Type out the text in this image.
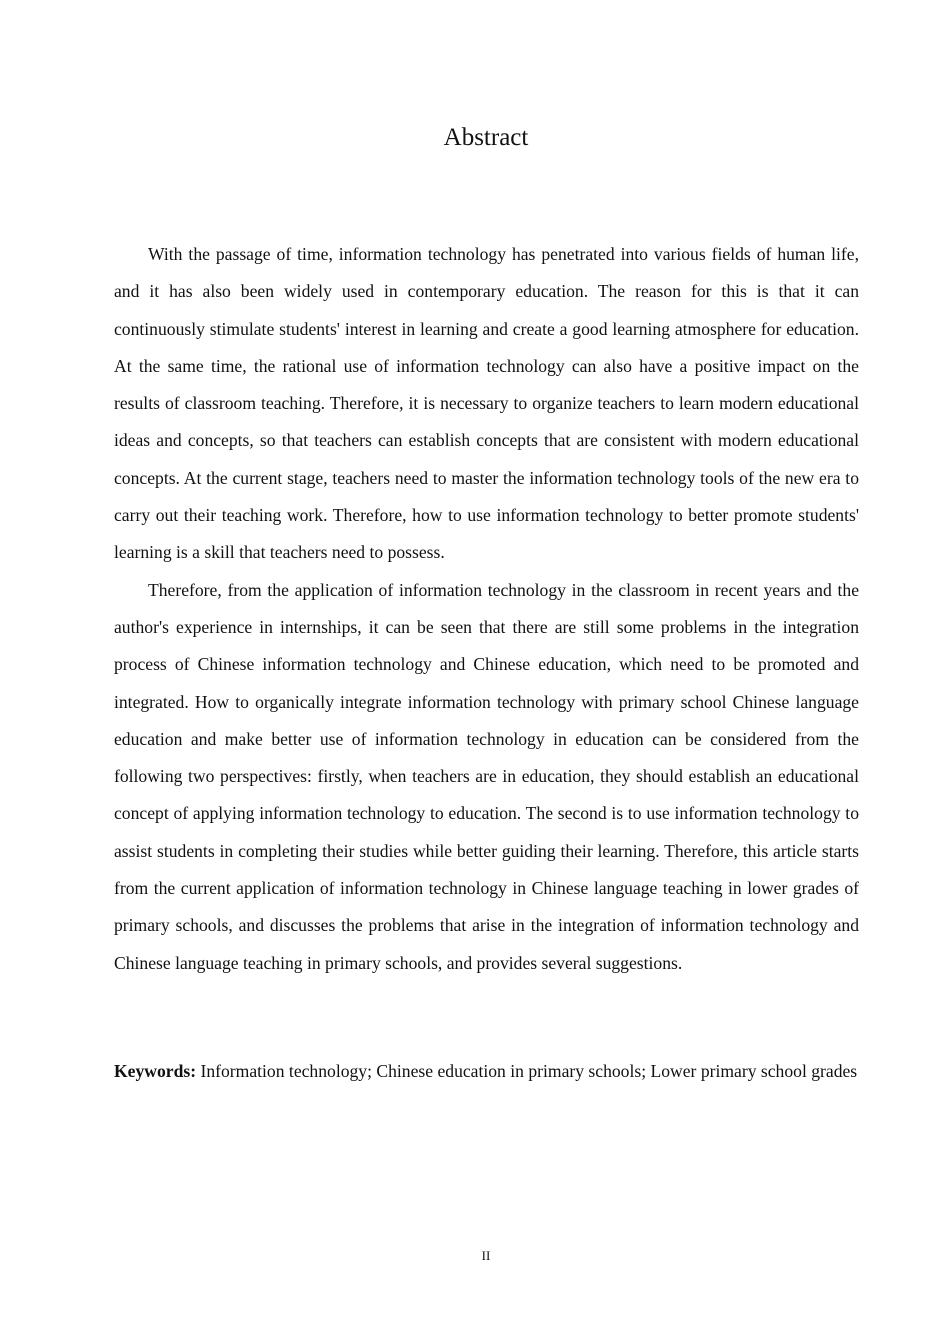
Abstract

With the passage of time, information technology has penetrated into various fields of human life, and it has also been widely used in contemporary education. The reason for this is that it can continuously stimulate students' interest in learning and create a good learning atmosphere for education. At the same time, the rational use of information technology can also have a positive impact on the results of classroom teaching. Therefore, it is necessary to organize teachers to learn modern educational ideas and concepts, so that teachers can establish concepts that are consistent with modern educational concepts. At the current stage, teachers need to master the information technology tools of the new era to carry out their teaching work. Therefore, how to use information technology to better promote students' learning is a skill that teachers need to possess.

Therefore, from the application of information technology in the classroom in recent years and the author's experience in internships, it can be seen that there are still some problems in the integration process of Chinese information technology and Chinese education, which need to be promoted and integrated. How to organically integrate information technology with primary school Chinese language education and make better use of information technology in education can be considered from the following two perspectives: firstly, when teachers are in education, they should establish an educational concept of applying information technology to education. The second is to use information technology to assist students in completing their studies while better guiding their learning. Therefore, this article starts from the current application of information technology in Chinese language teaching in lower grades of primary schools, and discusses the problems that arise in the integration of information technology and Chinese language teaching in primary schools, and provides several suggestions.

Keywords: Information technology; Chinese education in primary schools; Lower primary school grades

II
